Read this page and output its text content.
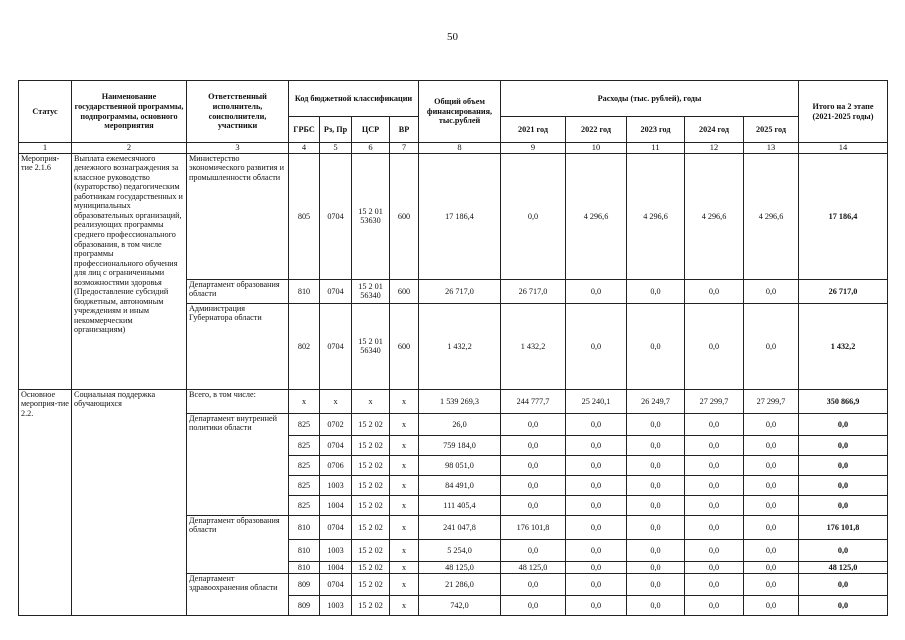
50
Статус	Наименование государственной программы, подпрограммы, основного мероприятия	Ответственный исполнитель, соисполнители, участники	Код бюджетной классификации				Общий объем финансирования, тыс.рублей	Расходы (тыс. рублей), годы					Итого на 2 этапе (2021-2025 годы)
			ГРБС	Рз, Пр	ЦСР	ВР		2021 год	2022 год	2023 год	2024 год	2025 год	
1	2	3	4	5	6	7	8	9	10	11	12	13	14
Мероприя-тие 2.1.6	Выплата ежемесячного денежного вознаграждения за классное руководство (кураторство) педагогическим работникам государственных и муниципальных образовательных организаций, реализующих программы среднего профессионального образования, в том числе программы профессионального обучения для лиц с ограниченными возможностями здоровья (Предоставление субсидий бюджетным, автономным учреждениям и иным некоммерческим организациям)	Министерство экономического развития и промышленности области	805	0704	15 2 01 53630	600	17 186,4	0,0	4 296,6	4 296,6	4 296,6	4 296,6	17 186,4
		Департамент образования области	810	0704	15 2 01 56340	600	26 717,0	26 717,0	0,0	0,0	0,0	0,0	26 717,0
		Администрация Губернатора области	802	0704	15 2 01 56340	600	1 432,2	1 432,2	0,0	0,0	0,0	0,0	1 432,2
Основное мероприя-тие 2.2.	Социальная поддержка обучающихся	Всего, в том числе:	x	x	x	x	1 539 269,3	244 777,7	25 240,1	26 249,7	27 299,7	27 299,7	350 866,9
		Департамент внутренней политики области	825	0702	15 2 02	x	26,0	0,0	0,0	0,0	0,0	0,0	0,0
			825	0704	15 2 02	x	759 184,0	0,0	0,0	0,0	0,0	0,0	0,0
			825	0706	15 2 02	x	98 051,0	0,0	0,0	0,0	0,0	0,0	0,0
			825	1003	15 2 02	x	84 491,0	0,0	0,0	0,0	0,0	0,0	0,0
			825	1004	15 2 02	x	111 405,4	0,0	0,0	0,0	0,0	0,0	0,0
		Департамент образования области	810	0704	15 2 02	x	241 047,8	176 101,8	0,0	0,0	0,0	0,0	176 101,8
			810	1003	15 2 02	x	5 254,0	0,0	0,0	0,0	0,0	0,0	0,0
			810	1004	15 2 02	x	48 125,0	48 125,0	0,0	0,0	0,0	0,0	48 125,0
		Департамент здравоохранения области	809	0704	15 2 02	x	21 286,0	0,0	0,0	0,0	0,0	0,0	0,0
			809	1003	15 2 02	x	742,0	0,0	0,0	0,0	0,0	0,0	0,0
